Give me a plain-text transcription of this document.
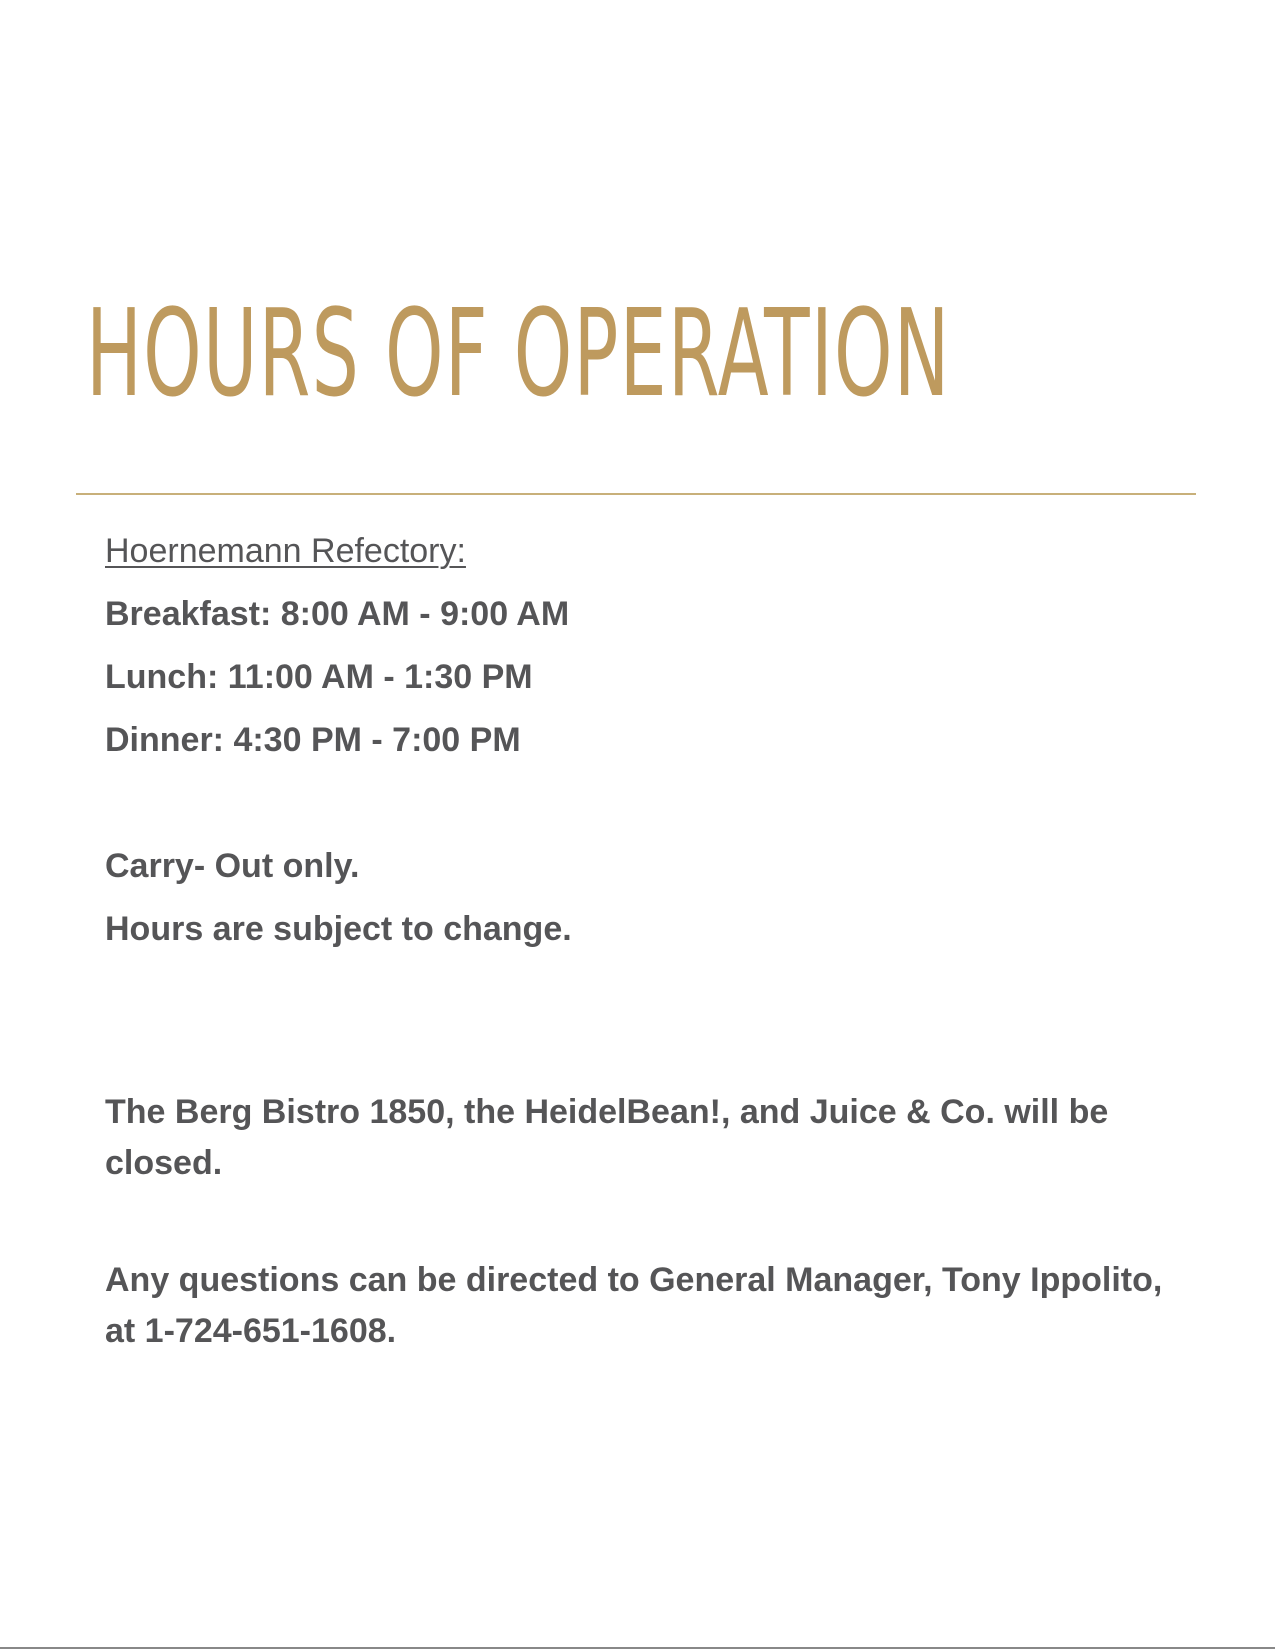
HOURS OF OPERATION
Hoernemann Refectory:
Breakfast: 8:00 AM - 9:00 AM
Lunch: 11:00 AM - 1:30 PM
Dinner: 4:30 PM - 7:00 PM
Carry- Out only.
Hours are subject to change.

The Berg Bistro 1850, the HeidelBean!, and Juice & Co. will be closed.

Any questions can be directed to General Manager, Tony Ippolito, at 1-724-651-1608.
